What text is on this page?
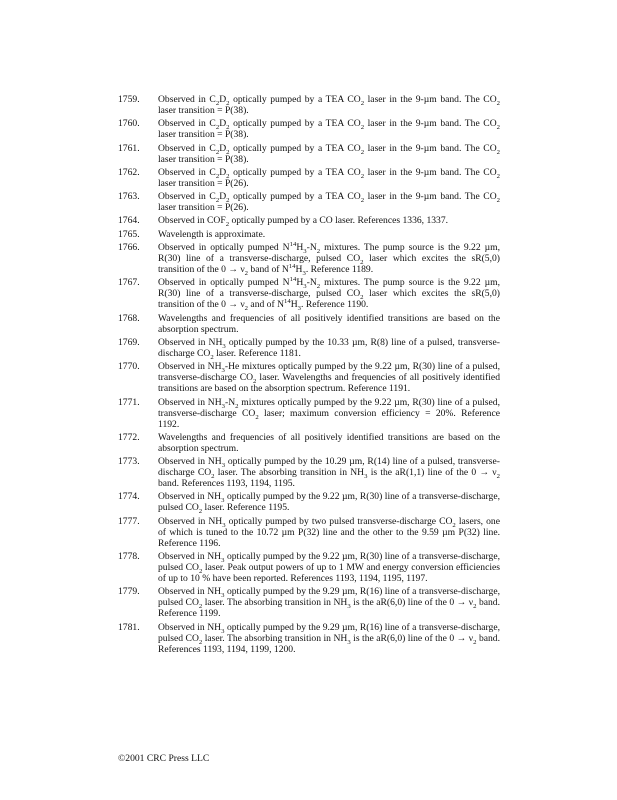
1759. Observed in $C_2D_2$ optically pumped by a TEA $CO_2$ laser in the 9-µm band. The $CO_2$ laser transition = P(38).
1760. Observed in $C_2D_2$ optically pumped by a TEA $CO_2$ laser in the 9-µm band. The $CO_2$ laser transition = P(38).
1761. Observed in $C_2D_2$ optically pumped by a TEA $CO_2$ laser in the 9-µm band. The $CO_2$ laser transition = P(38).
1762. Observed in $C_2D_2$ optically pumped by a TEA $CO_2$ laser in the 9-µm band. The $CO_2$ laser transition = P(26).
1763. Observed in $C_2D_2$ optically pumped by a TEA $CO_2$ laser in the 9-µm band. The $CO_2$ laser transition = P(26).
1764. Observed in $COF_2$ optically pumped by a CO laser. References 1336, 1337.
1765. Wavelength is approximate.
1766. Observed in optically pumped $N^{14}H_3-N_2$ mixtures. The pump source is the 9.22 µm, R(30) line of a transverse-discharge, pulsed $CO_2$ laser which excites the sR(5,0) transition of the $0 \to \nu_2$ band of $N^{14}H_3$. Reference 1189.
1767. Observed in optically pumped $N^{14}H_3-N_2$ mixtures. The pump source is the 9.22 µm, R(30) line of a transverse-discharge, pulsed $CO_2$ laser which excites the sR(5,0) transition of the $0 \to \nu_2$ and of $N^{14}H_3$. Reference 1190.
1768. Wavelengths and frequencies of all positively identified transitions are based on the absorption spectrum.
1769. Observed in $NH_3$ optically pumped by the 10.33 µm, R(8) line of a pulsed, transverse-discharge $CO_2$ laser. Reference 1181.
1770. Observed in $NH_3-He$ mixtures optically pumped by the 9.22 µm, R(30) line of a pulsed, transverse-discharge $CO_2$ laser. Wavelengths and frequencies of all positively identified transitions are based on the absorption spectrum. Reference 1191.
1771. Observed in $NH_3-N_2$ mixtures optically pumped by the 9.22 µm, R(30) line of a pulsed, transverse-discharge $CO_2$ laser; maximum conversion efficiency = 20%. Reference 1192.
1772. Wavelengths and frequencies of all positively identified transitions are based on the absorption spectrum.
1773. Observed in $NH_3$ optically pumped by the 10.29 µm, R(14) line of a pulsed, transverse-discharge $CO_2$ laser. The absorbing transition in $NH_3$ is the aR(1,1) line of the $0 \to \nu_2$ band. References 1193, 1194, 1195.
1774. Observed in $NH_3$ optically pumped by the 9.22 µm, R(30) line of a transverse-discharge, pulsed $CO_2$ laser. Reference 1195.
1777. Observed in $NH_3$ optically pumped by two pulsed transverse-discharge $CO_2$ lasers, one of which is tuned to the 10.72 µm P(32) line and the other to the 9.59 µm P(32) line. Reference 1196.
1778. Observed in $NH_3$ optically pumped by the 9.22 µm, R(30) line of a transverse-discharge, pulsed $CO_2$ laser. Peak output powers of up to 1 MW and energy conversion efficiencies of up to 10 % have been reported. References 1193, 1194, 1195, 1197.
1779. Observed in $NH_3$ optically pumped by the 9.29 µm, R(16) line of a transverse-discharge, pulsed $CO_2$ laser. The absorbing transition in $NH_3$ is the aR(6,0) line of the $0 \to \nu_2$ band. Reference 1199.
1781. Observed in $NH_3$ optically pumped by the 9.29 µm, R(16) line of a transverse-discharge, pulsed $CO_2$ laser. The absorbing transition in $NH_3$ is the aR(6,0) line of the $0 \to \nu_2$ band. References 1193, 1194, 1199, 1200.
©2001 CRC Press LLC
